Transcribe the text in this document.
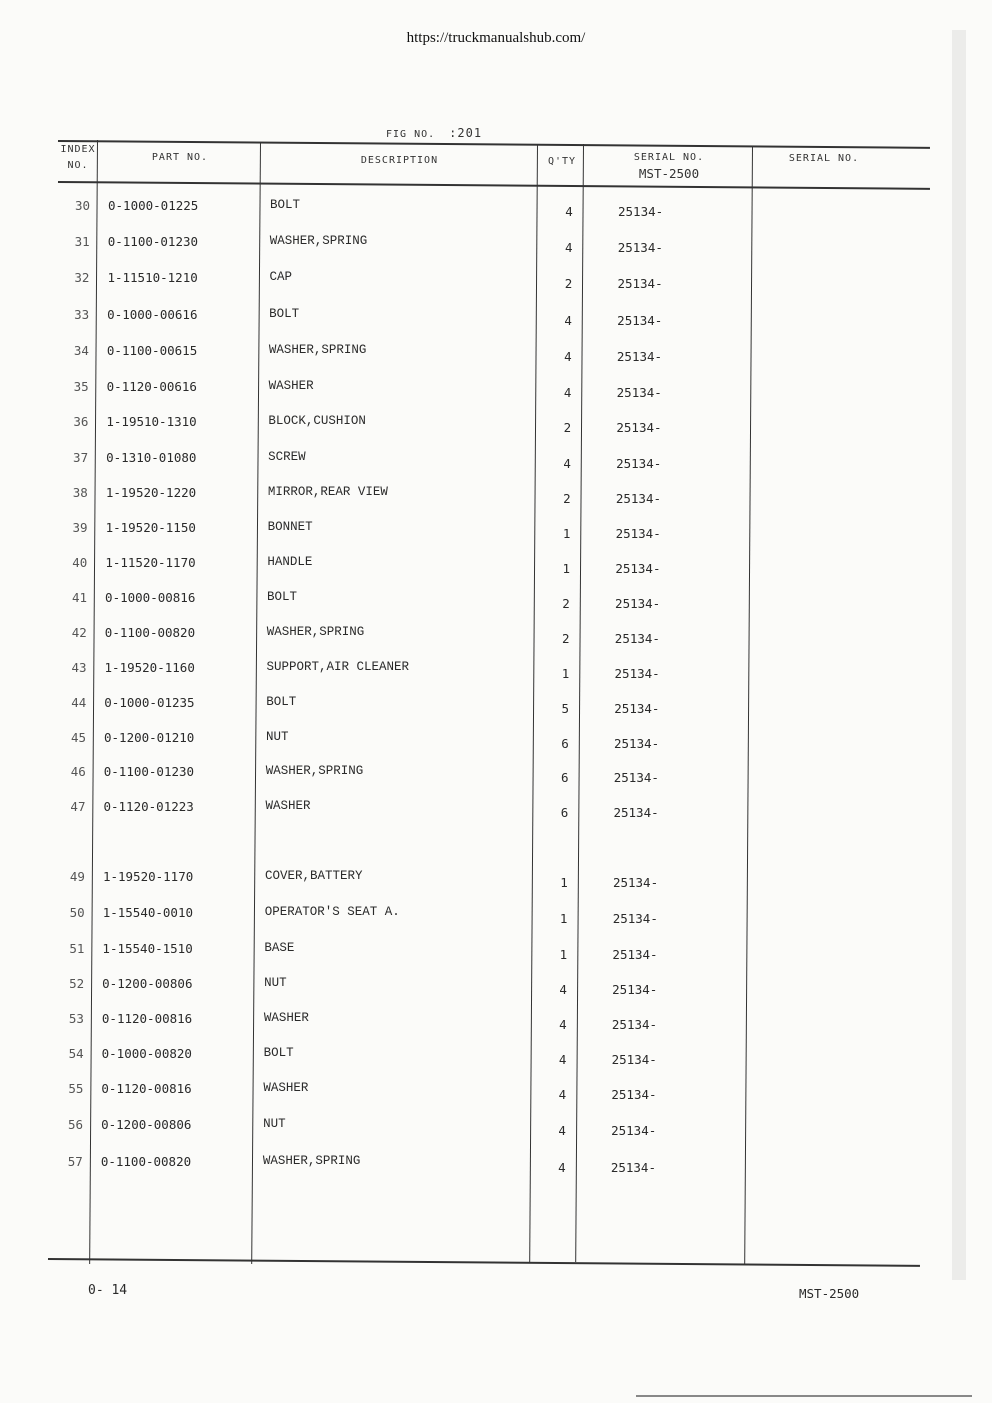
https://truckmanualshub.com/
FIG NO. :201
INDEX
NO.
PART NO.	DESCRIPTION	Q'TY	SERIAL NO.
MST-2500
SERIAL NO.
30 0-1000-01225	BOLT	4	25134-
31 0-1100-01230	WASHER,SPRING	4	25134-
32 1-11510-1210	CAP	2	25134-
33 0-1000-00616	BOLT	4	25134-
34 0-1100-00615	WASHER,SPRING	4	25134-
35 0-1120-00616	WASHER	4	25134-
36 1-19510-1310	BLOCK,CUSHION	2	25134-
37 0-1310-01080	SCREW	4	25134-
38 1-19520-1220	MIRROR,REAR VIEW	2	25134-
39 1-19520-1150	BONNET	1	25134-
40 1-11520-1170	HANDLE	1	25134-
41 0-1000-00816	BOLT	2	25134-
42 0-1100-00820	WASHER,SPRING	2	25134-
43 1-19520-1160	SUPPORT,AIR CLEANER	1	25134-
44 0-1000-01235	BOLT	5	25134-
45 0-1200-01210	NUT	6	25134-
46 0-1100-01230	WASHER,SPRING	6	25134-
47 0-1120-01223	WASHER	6	25134-
49 1-19520-1170	COVER,BATTERY	1	25134-
50 1-15540-0010	OPERATOR'S SEAT A.	1	25134-
51 1-15540-1510	BASE	1	25134-
52 0-1200-00806	NUT	4	25134-
53 0-1120-00816	WASHER	4	25134-
54 0-1000-00820	BOLT	4	25134-
55 0-1120-00816	WASHER	4	25134-
56 0-1200-00806	NUT	4	25134-
57 0-1100-00820	WASHER,SPRING	4	25134-
0- 14	MST-2500
